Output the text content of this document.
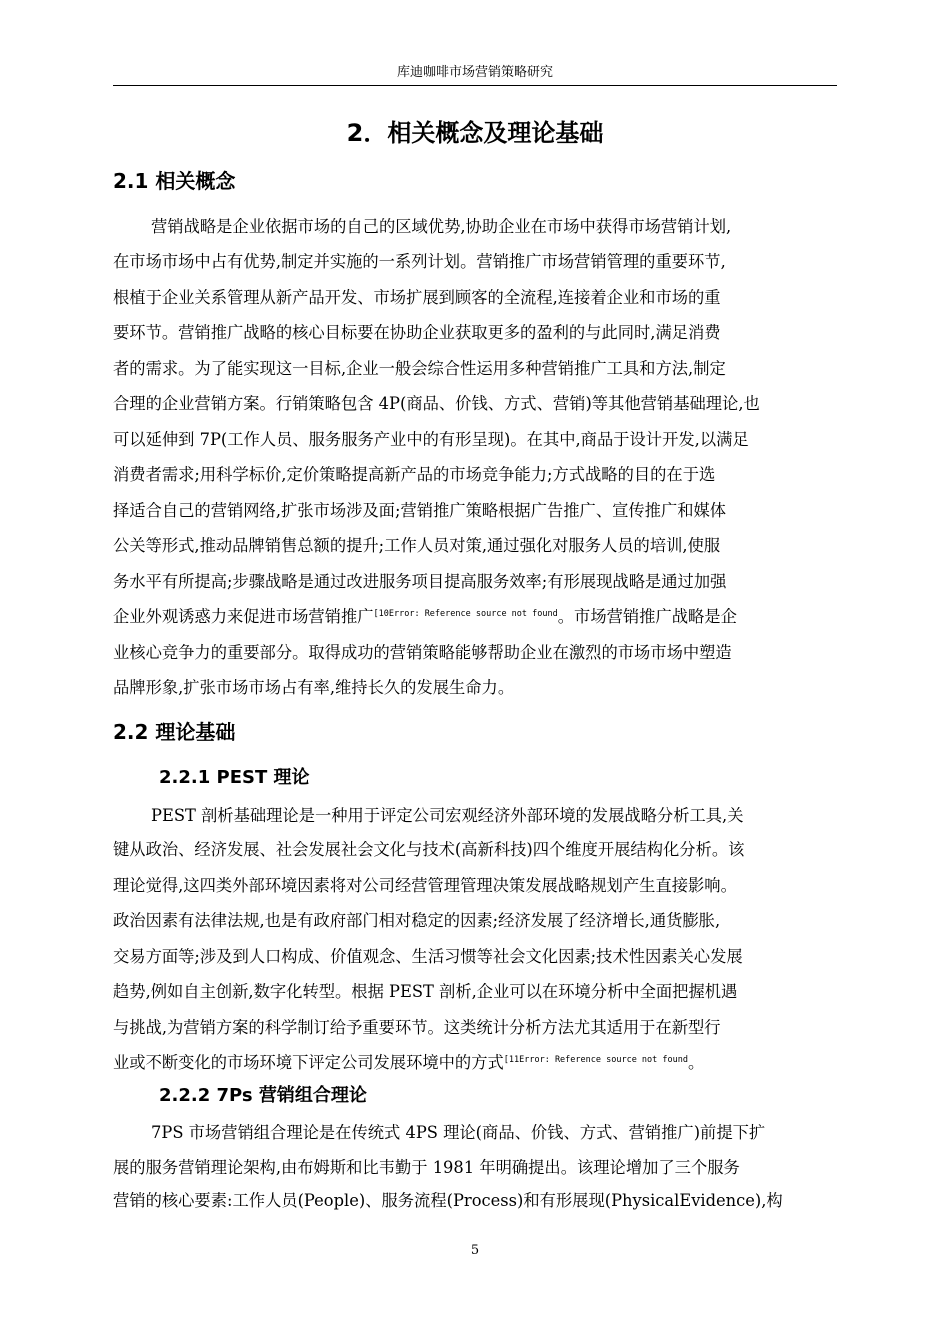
库迪咖啡市场营销策略研究
2．相关概念及理论基础
2.1 相关概念
营销战略是企业依据市场的自己的区域优势,协助企业在市场中获得市场营销计划,
在市场市场中占有优势,制定并实施的一系列计划。营销推广市场营销管理的重要环节,
根植于企业关系管理从新产品开发、市场扩展到顾客的全流程,连接着企业和市场的重
要环节。营销推广战略的核心目标要在协助企业获取更多的盈利的与此同时,满足消费
者的需求。为了能实现这一目标,企业一般会综合性运用多种营销推广工具和方法,制定
合理的企业营销方案。行销策略包含 4P(商品、价钱、方式、营销)等其他营销基础理论,也
可以延伸到 7P(工作人员、服务服务产业中的有形呈现)。在其中,商品于设计开发,以满足
消费者需求;用科学标价,定价策略提高新产品的市场竞争能力;方式战略的目的在于选
择适合自己的营销网络,扩张市场涉及面;营销推广策略根据广告推广、宣传推广和媒体
公关等形式,推动品牌销售总额的提升;工作人员对策,通过强化对服务人员的培训,使服
务水平有所提高;步骤战略是通过改进服务项目提高服务效率;有形展现战略是通过加强
企业外观诱惑力来促进市场营销推广$^{[10Error: Reference source not found}$。市场营销推广战略是企
业核心竞争力的重要部分。取得成功的营销策略能够帮助企业在激烈的市场市场中塑造
品牌形象,扩张市场市场占有率,维持长久的发展生命力。
2.2 理论基础
2.2.1 PEST 理论
PEST 剖析基础理论是一种用于评定公司宏观经济外部环境的发展战略分析工具,关
键从政治、经济发展、社会发展社会文化与技术(高新科技)四个维度开展结构化分析。该
理论觉得,这四类外部环境因素将对公司经营管理管理决策发展战略规划产生直接影响。
政治因素有法律法规,也是有政府部门相对稳定的因素;经济发展了经济增长,通货膨胀,
交易方面等;涉及到人口构成、价值观念、生活习惯等社会文化因素;技术性因素关心发展
趋势,例如自主创新,数字化转型。根据 PEST 剖析,企业可以在环境分析中全面把握机遇
与挑战,为营销方案的科学制订给予重要环节。这类统计分析方法尤其适用于在新型行
业或不断变化的市场环境下评定公司发展环境中的方式$^{[11Error: Reference source not found}$。
2.2.2 7Ps 营销组合理论
7PS 市场营销组合理论是在传统式 4PS 理论(商品、价钱、方式、营销推广)前提下扩
展的服务营销理论架构,由布姆斯和比韦勤于 1981 年明确提出。该理论增加了三个服务
营销的核心要素:工作人员(People)、服务流程(Process)和有形展现(PhysicalEvidence),构
5
